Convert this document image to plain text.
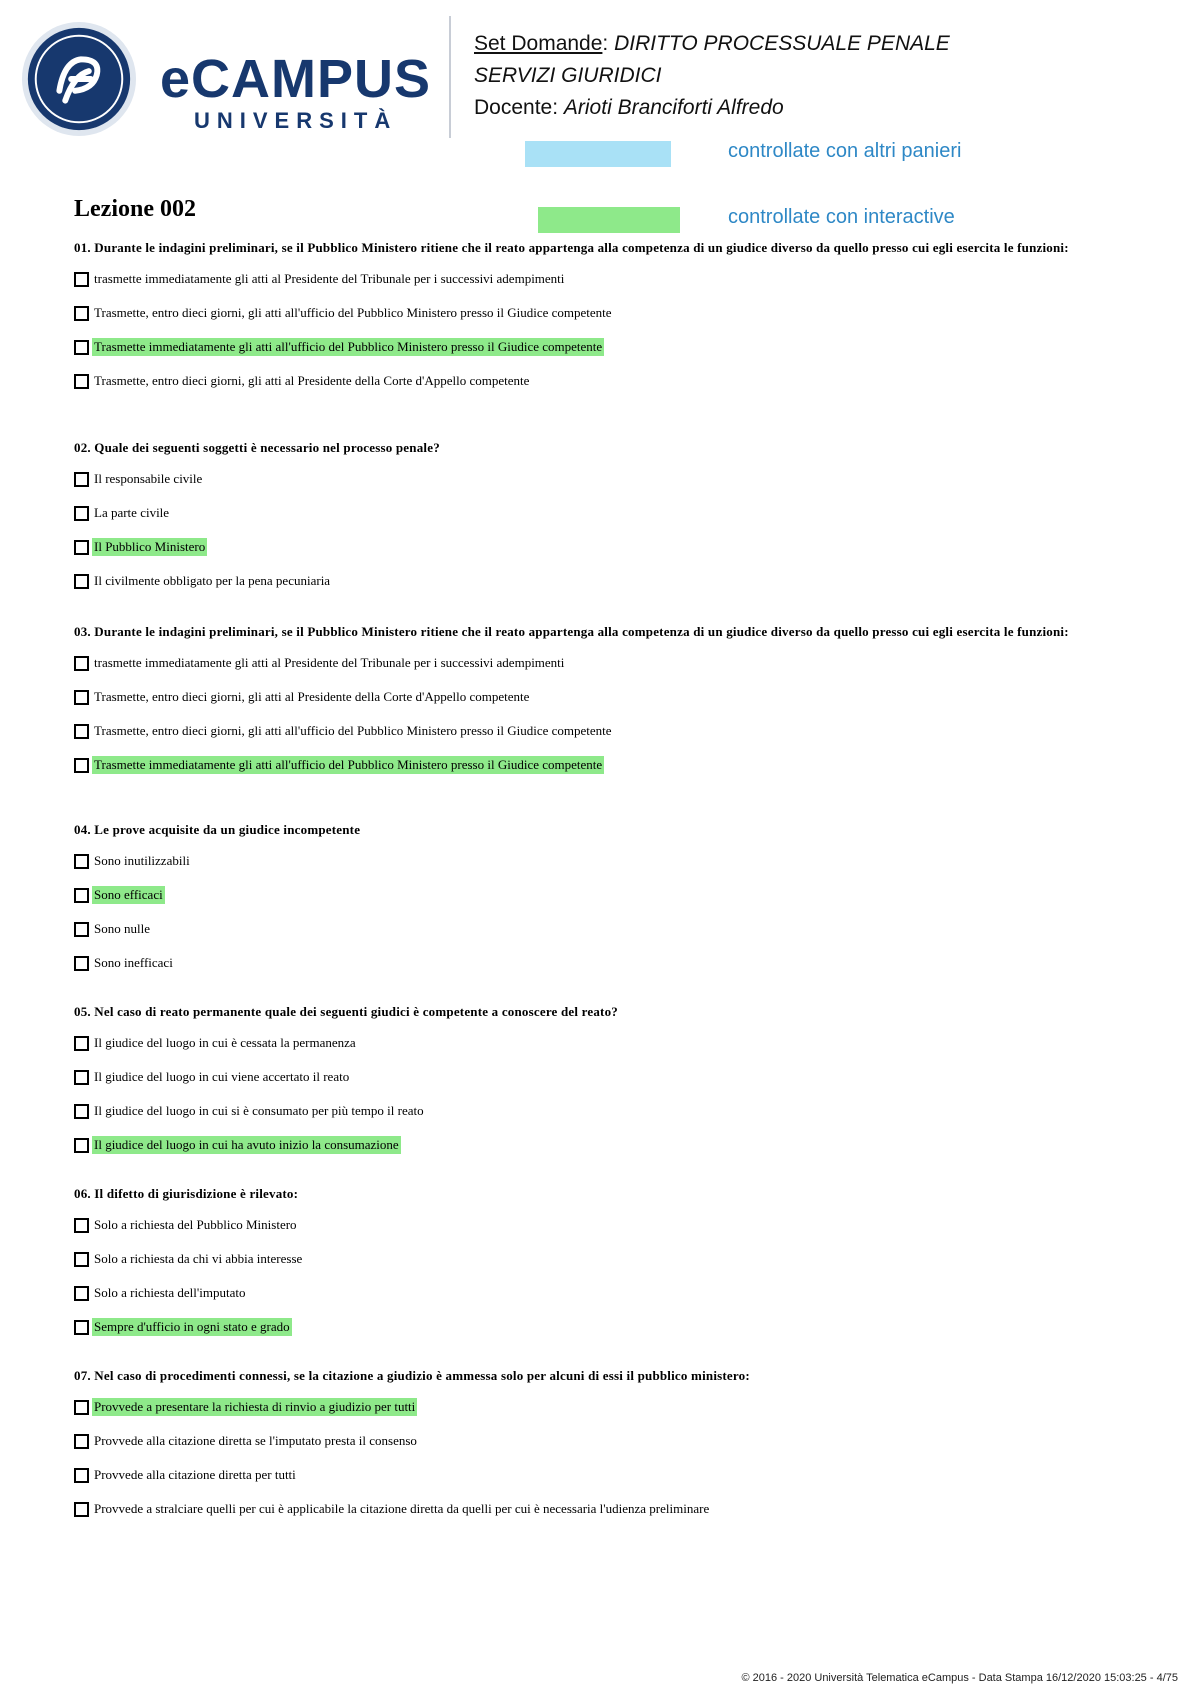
eCAMPUS
UNIVERSITÀ
Set Domande: DIRITTO PROCESSUALE PENALE
SERVIZI GIURIDICI
Docente: Arioti Branciforti Alfredo
controllate con altri panieri
controllate con interactive
Lezione 002
01. Durante le indagini preliminari, se il Pubblico Ministero ritiene che il reato appartenga alla competenza di un giudice diverso da quello presso cui egli esercita le funzioni:
trasmette immediatamente gli atti al Presidente del Tribunale per i successivi adempimenti
Trasmette, entro dieci giorni, gli atti all'ufficio del Pubblico Ministero presso il Giudice competente
Trasmette immediatamente gli atti all'ufficio del Pubblico Ministero presso il Giudice competente
Trasmette, entro dieci giorni, gli atti al Presidente della Corte d'Appello competente
02. Quale dei seguenti soggetti è necessario nel processo penale?
Il responsabile civile
La parte civile
Il Pubblico Ministero
Il civilmente obbligato per la pena pecuniaria
03. Durante le indagini preliminari, se il Pubblico Ministero ritiene che il reato appartenga alla competenza di un giudice diverso da quello presso cui egli esercita le funzioni:
trasmette immediatamente gli atti al Presidente del Tribunale per i successivi adempimenti
Trasmette, entro dieci giorni, gli atti al Presidente della Corte d'Appello competente
Trasmette, entro dieci giorni, gli atti all'ufficio del Pubblico Ministero presso il Giudice competente
Trasmette immediatamente gli atti all'ufficio del Pubblico Ministero presso il Giudice competente
04. Le prove acquisite da un giudice incompetente
Sono inutilizzabili
Sono efficaci
Sono nulle
Sono inefficaci
05. Nel caso di reato permanente quale dei seguenti giudici è competente a conoscere del reato?
Il giudice del luogo in cui è cessata la permanenza
Il giudice del luogo in cui viene accertato il reato
Il giudice del luogo in cui si è consumato per più tempo il reato
Il giudice del luogo in cui ha avuto inizio la consumazione
06. Il difetto di giurisdizione è rilevato:
Solo a richiesta del Pubblico Ministero
Solo a richiesta da chi vi abbia interesse
Solo a richiesta dell'imputato
Sempre d'ufficio in ogni stato e grado
07. Nel caso di procedimenti connessi, se la citazione a giudizio è ammessa solo per alcuni di essi il pubblico ministero:
Provvede a presentare la richiesta di rinvio a giudizio per tutti
Provvede alla citazione diretta se l'imputato presta il consenso
Provvede alla citazione diretta per tutti
Provvede a stralciare quelli per cui è applicabile la citazione diretta da quelli per cui è necessaria l'udienza preliminare
© 2016 - 2020 Università Telematica eCampus - Data Stampa 16/12/2020 15:03:25 - 4/75
